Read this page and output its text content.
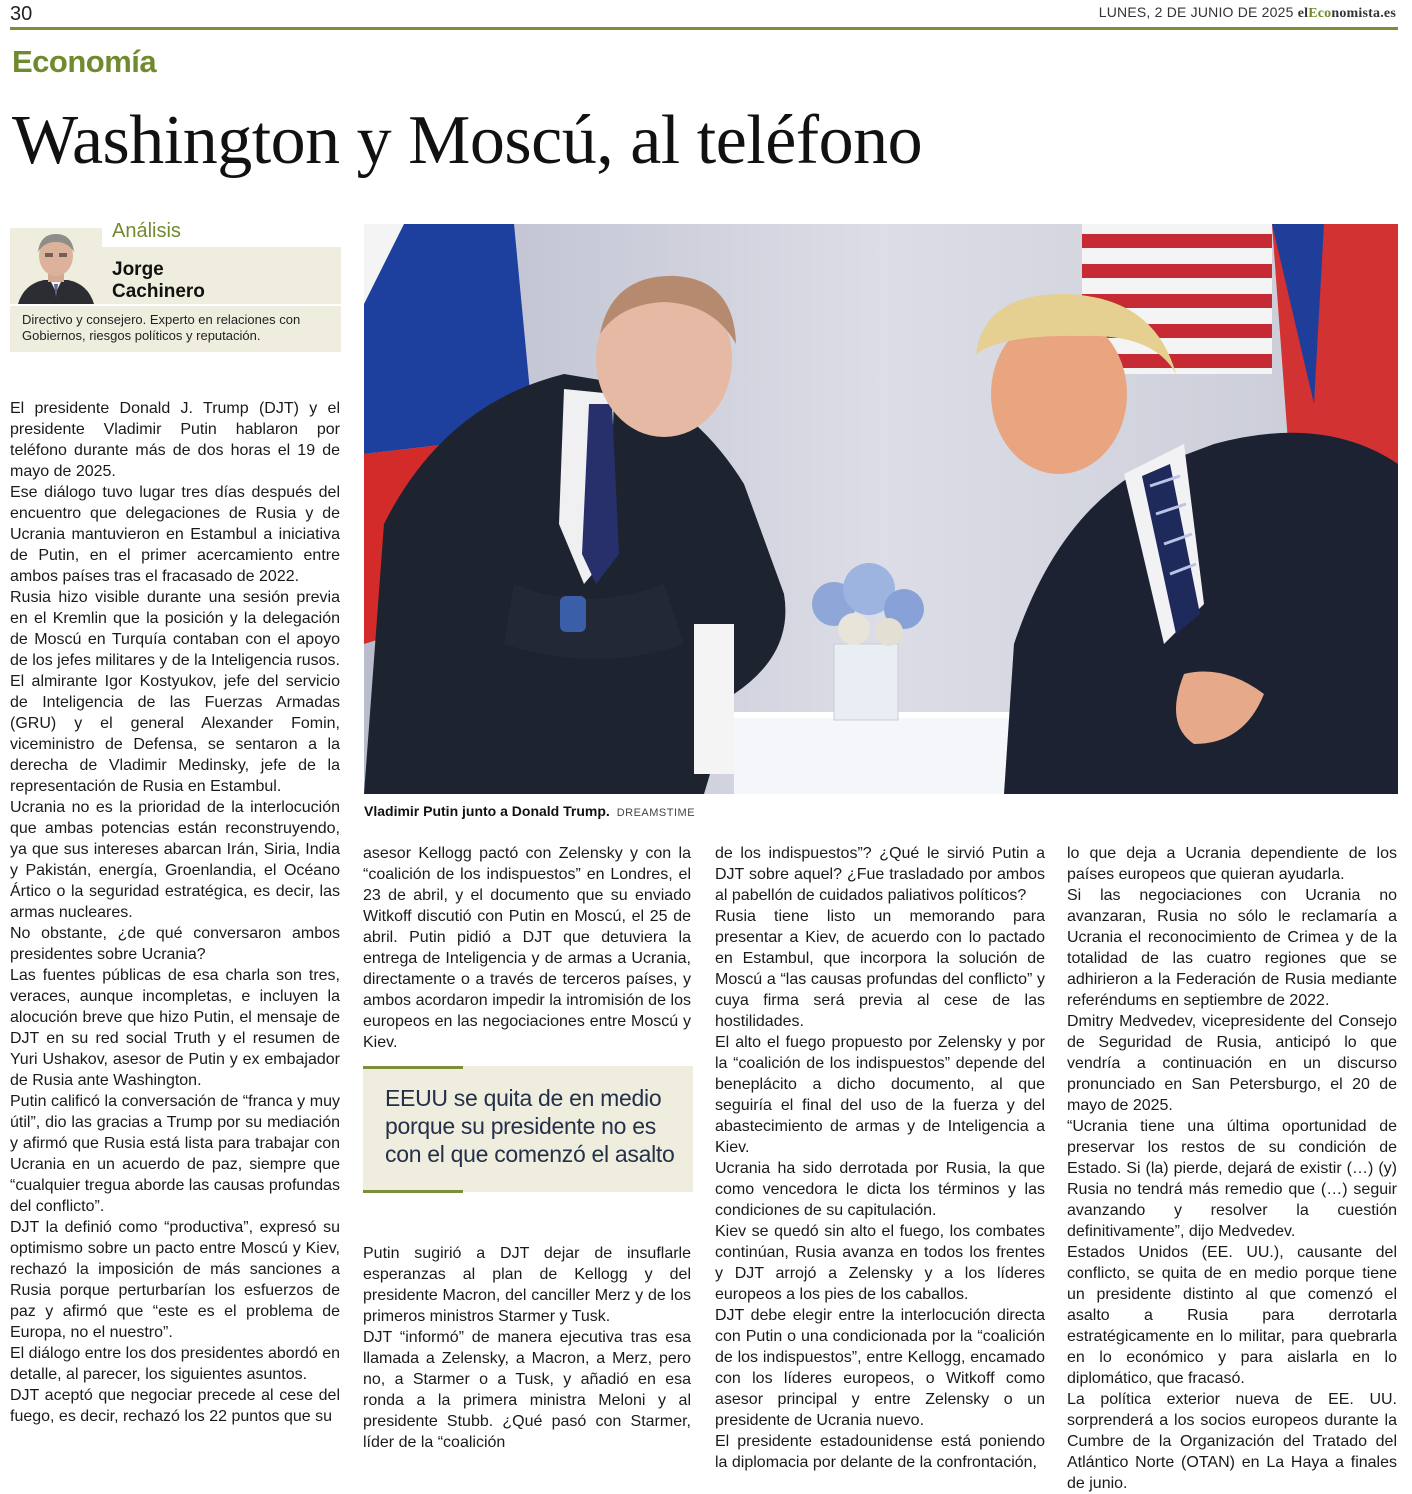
30	LUNES, 2 DE JUNIO DE 2025 elEconomista.es
Economía
Washington y Moscú, al teléfono
Análisis
Jorge
Cachinero
Directivo y consejero. Experto en relaciones con Gobiernos, riesgos políticos y reputación.
Vladimir Putin junto a Donald Trump. DREAMSTIME

El presidente Donald J. Trump (DJT) y el presidente Vladimir Putin hablaron por teléfono durante más de dos horas el 19 de mayo de 2025.

Ese diálogo tuvo lugar tres días después del encuentro que delegaciones de Rusia y de Ucrania mantuvieron en Estambul a iniciativa de Putin, en el primer acercamiento entre ambos países tras el fracasado de 2022.

Rusia hizo visible durante una sesión previa en el Kremlin que la posición y la delegación de Moscú en Turquía contaban con el apoyo de los jefes militares y de la Inteligencia rusos. El almirante Igor Kostyukov, jefe del servicio de Inteligencia de las Fuerzas Armadas (GRU) y el general Alexander Fomin, viceministro de Defensa, se sentaron a la derecha de Vladimir Medinsky, jefe de la representación de Rusia en Estambul.

Ucrania no es la prioridad de la interlocución que ambas potencias están reconstruyendo, ya que sus intereses abarcan Irán, Siria, India y Pakistán, energía, Groenlandia, el Océano Ártico o la seguridad estratégica, es decir, las armas nucleares.

No obstante, ¿de qué conversaron ambos presidentes sobre Ucrania?

Las fuentes públicas de esa charla son tres, veraces, aunque incompletas, e incluyen la alocución breve que hizo Putin, el mensaje de DJT en su red social Truth y el resumen de Yuri Ushakov, asesor de Putin y ex embajador de Rusia ante Washington.

Putin calificó la conversación de “franca y muy útil”, dio las gracias a Trump por su mediación y afirmó que Rusia está lista para trabajar con Ucrania en un acuerdo de paz, siempre que “cualquier tregua aborde las causas profundas del conflicto”.

DJT la definió como “productiva”, expresó su optimismo sobre un pacto entre Moscú y Kiev, rechazó la imposición de más sanciones a Rusia porque perturbarían los esfuerzos de paz y afirmó que “este es el problema de Europa, no el nuestro”.

El diálogo entre los dos presidentes abordó en detalle, al parecer, los siguientes asuntos.

DJT aceptó que negociar precede al cese del fuego, es decir, rechazó los 22 puntos que su

asesor Kellogg pactó con Zelensky y con la “coalición de los indispuestos” en Londres, el 23 de abril, y el documento que su enviado Witkoff discutió con Putin en Moscú, el 25 de abril. Putin pidió a DJT que detuviera la entrega de Inteligencia y de armas a Ucrania, directamente o a través de terceros países, y ambos acordaron impedir la intromisión de los europeos en las negociaciones entre Moscú y Kiev.

EEUU se quita de en medio porque su presidente no es con el que comenzó el asalto

Putin sugirió a DJT dejar de insuflarle esperanzas al plan de Kellogg y del presidente Macron, del canciller Merz y de los primeros ministros Starmer y Tusk.

DJT “informó” de manera ejecutiva tras esa llamada a Zelensky, a Macron, a Merz, pero no, a Starmer o a Tusk, y añadió en esa ronda a la primera ministra Meloni y al presidente Stubb. ¿Qué pasó con Starmer, líder de la “coalición

de los indispuestos”? ¿Qué le sirvió Putin a DJT sobre aquel? ¿Fue trasladado por ambos al pabellón de cuidados paliativos políticos?

Rusia tiene listo un memorando para presentar a Kiev, de acuerdo con lo pactado en Estambul, que incorpora la solución de Moscú a “las causas profundas del conflicto” y cuya firma será previa al cese de las hostilidades.

El alto el fuego propuesto por Zelensky y por la “coalición de los indispuestos” depende del beneplácito a dicho documento, al que seguiría el final del uso de la fuerza y del abastecimiento de armas y de Inteligencia a Kiev.

Ucrania ha sido derrotada por Rusia, la que como vencedora le dicta los términos y las condiciones de su capitulación.

Kiev se quedó sin alto el fuego, los combates continúan, Rusia avanza en todos los frentes y DJT arrojó a Zelensky y a los líderes europeos a los pies de los caballos.

DJT debe elegir entre la interlocución directa con Putin o una condicionada por la “coalición de los indispuestos”, entre Kellogg, encamado con los líderes europeos, o Witkoff como asesor principal y entre Zelensky o un presidente de Ucrania nuevo.

El presidente estadounidense está poniendo la diplomacia por delante de la confrontación,

lo que deja a Ucrania dependiente de los países europeos que quieran ayudarla.

Si las negociaciones con Ucrania no avanzaran, Rusia no sólo le reclamaría a Ucrania el reconocimiento de Crimea y de la totalidad de las cuatro regiones que se adhirieron a la Federación de Rusia mediante referéndums en septiembre de 2022.

Dmitry Medvedev, vicepresidente del Consejo de Seguridad de Rusia, anticipó lo que vendría a continuación en un discurso pronunciado en San Petersburgo, el 20 de mayo de 2025.

“Ucrania tiene una última oportunidad de preservar los restos de su condición de Estado. Si (la) pierde, dejará de existir (…) (y) Rusia no tendrá más remedio que (…) seguir avanzando y resolver la cuestión definitivamente”, dijo Medvedev.

Estados Unidos (EE. UU.), causante del conflicto, se quita de en medio porque tiene un presidente distinto al que comenzó el asalto a Rusia para derrotarla estratégicamente en lo militar, para quebrarla en lo económico y para aislarla en lo diplomático, que fracasó.

La política exterior nueva de EE. UU. sorprenderá a los socios europeos durante la Cumbre de la Organización del Tratado del Atlántico Norte (OTAN) en La Haya a finales de junio.
